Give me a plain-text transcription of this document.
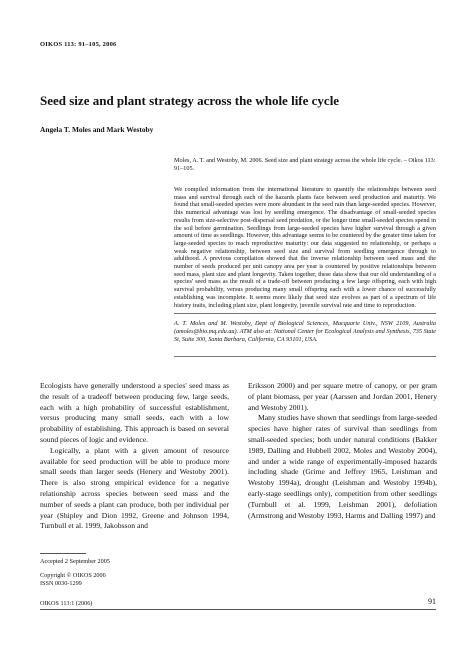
OIKOS 113: 91–105, 2006
Seed size and plant strategy across the whole life cycle
Angela T. Moles and Mark Westoby
Moles, A. T. and Westoby, M. 2006. Seed size and plant strategy across the whole life cycle. – Oikos 113: 91–105.
We compiled information from the international literature to quantify the relationships between seed mass and survival through each of the hazards plants face between seed production and maturity. We found that small-seeded species were more abundant in the seed rain than large-seeded species. However, this numerical advantage was lost by seedling emergence. The disadvantage of small-seeded species results from size-selective post-dispersal seed predation, or the longer time small-seeded species spend in the soil before germination. Seedlings from large-seeded species have higher survival through a given amount of time as seedlings. However, this advantage seems to be countered by the greater time taken for large-seeded species to reach reproductive maturity: our data suggested no relationship, or perhaps a weak negative relationship, between seed size and survival from seedling emergence through to adulthood. A previous compilation showed that the inverse relationship between seed mass and the number of seeds produced per unit canopy area per year is countered by positive relationships between seed mass, plant size and plant longevity. Taken together, these data show that our old understanding of a species' seed mass as the result of a trade-off between producing a few large offspring, each with high survival probability, versus producing many small offspring each with a lower chance of successfully establishing was incomplete. It seems more likely that seed size evolves as part of a spectrum of life history traits, including plant size, plant longevity, juvenile survival rate and time to reproduction.
A. T. Moles and M. Westoby, Dept of Biological Sciences, Macquarie Univ., NSW 2109, Australia (amoles@bio.mq.edu.au). ATM also at: National Center for Ecological Analysis and Synthesis, 735 State St, Suite 300, Santa Barbara, California, CA 93101, USA.

Ecologists have generally understood a species' seed mass as the result of a tradeoff between producing few, large seeds, each with a high probability of successful establishment, versus producing many small seeds, each with a low probability of establishing. This approach is based on several sound pieces of logic and evidence.

Logically, a plant with a given amount of resource available for seed production will be able to produce more small seeds than larger seeds (Henery and Westoby 2001). There is also strong empirical evidence for a negative relationship across species between seed mass and the number of seeds a plant can produce, both per individual per year (Shipley and Dion 1992, Greene and Johnson 1994, Turnbull et al. 1999, Jakobsson and

Eriksson 2000) and per square metre of canopy, or per gram of plant biomass, per year (Aarssen and Jordan 2001, Henery and Westoby 2001).

Many studies have shown that seedlings from large-seeded species have higher rates of survival than seedlings from small-seeded species; both under natural conditions (Bakker 1989, Dalling and Hubbell 2002, Moles and Westoby 2004), and under a wide range of experimentally-imposed hazards including shade (Grime and Jeffrey 1965, Leishman and Westoby 1994a), drought (Leishman and Westoby 1994b), early-stage seedlings only), competition from other seedlings (Turnbull et al. 1999, Leishman 2001), defoliation (Armstrong and Westoby 1993, Harms and Dalling 1997) and

Accepted 2 September 2005
Copyright © OIKOS 2006
ISSN 0030-1299
OIKOS 113:1 (2006)	91
